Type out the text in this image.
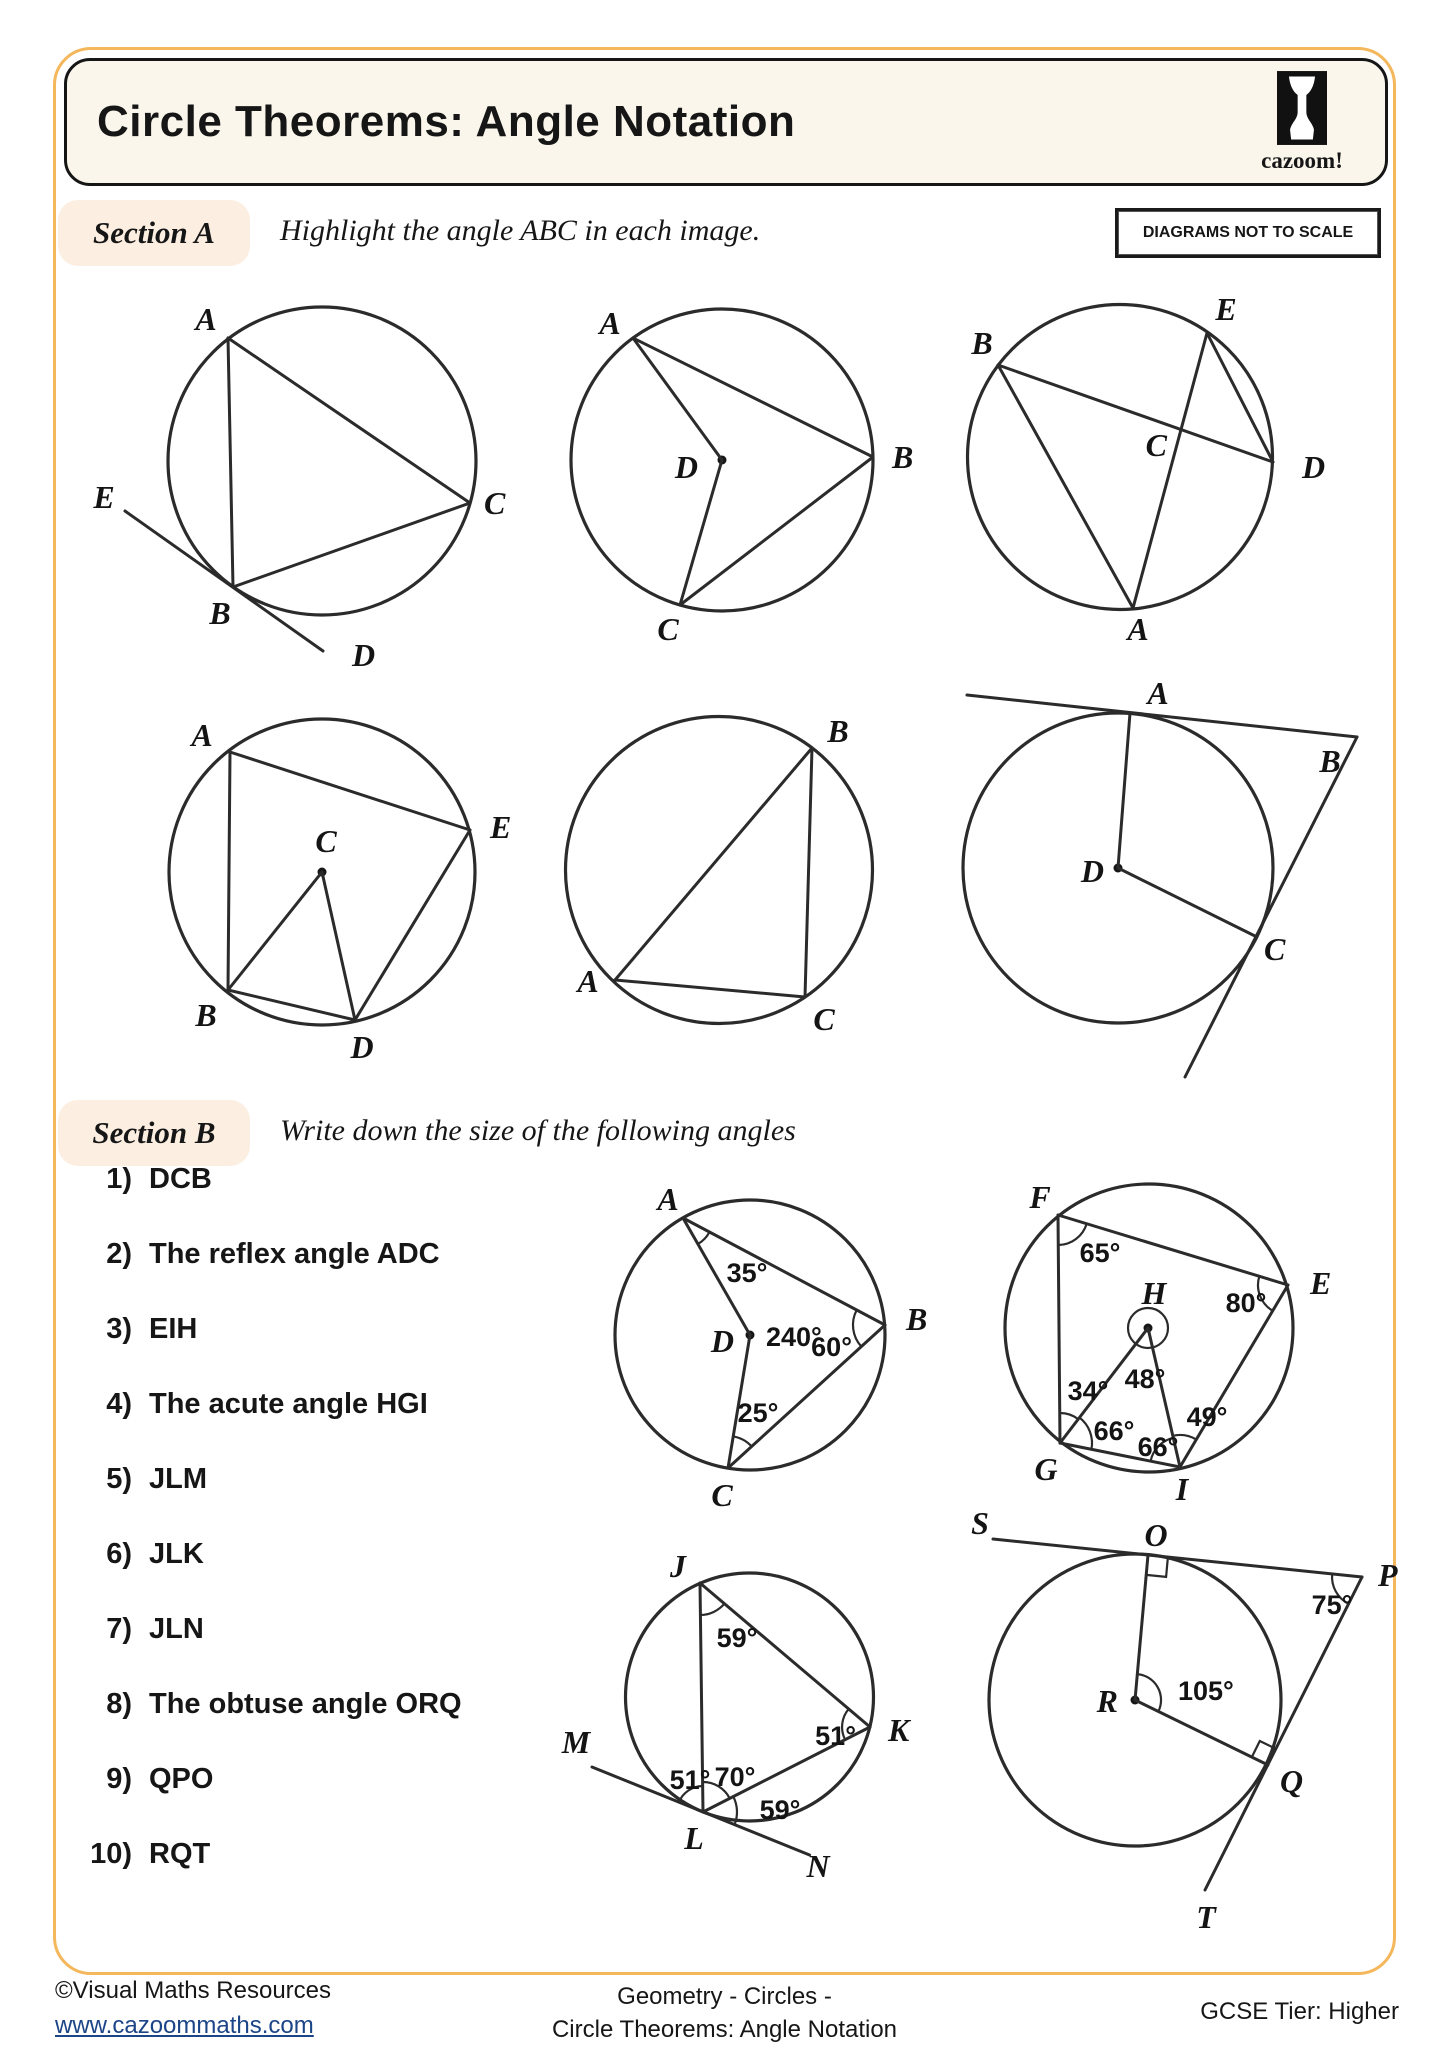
Circle Theorems: Angle Notation
cazoom!
Section A	Highlight the angle ABC in each image.	DIAGRAMS NOT TO SCALE
A
B
C
E
D
A
B
C
D
B
E
D
A
C
A
B
D
E
C
A
B
C
A
B
C
D
Section B	Write down the size of the following angles
1) DCB
2) The reflex angle ADC
3) EIH
4) The acute angle HGI
5) JLM
6) JLK
7) JLN
8) The obtuse angle ORQ
9) QPO
10) RQT
A
B
C
D
35°
240°
60°
25°
F
E
G
I
H
65°
80°
34° 48°
49°
66°
66°
J
K
L
M
N
59°
51°
51° 70°
59°
S	O
P
Q
R
T
105°
75°
©Visual Maths Resources
www.cazoommaths.com
Geometry - Circles -
Circle Theorems: Angle Notation
GCSE Tier: Higher
